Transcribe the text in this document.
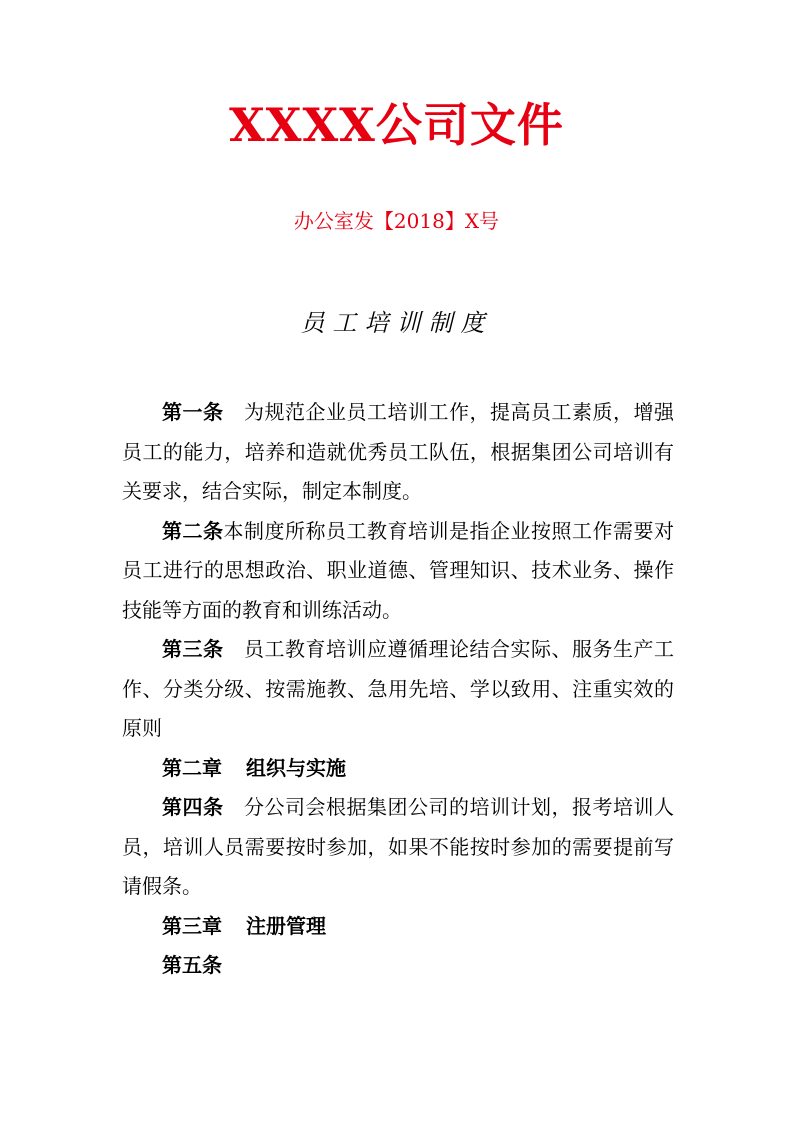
XXXX公司文件
办公室发【2018】X号
员工培训制度

第一条 为规范企业员工培训工作，提高员工素质，增强员工的能力，培养和造就优秀员工队伍，根据集团公司培训有关要求，结合实际，制定本制度。

第二条本制度所称员工教育培训是指企业按照工作需要对员工进行的思想政治、职业道德、管理知识、技术业务、操作技能等方面的教育和训练活动。

第三条 员工教育培训应遵循理论结合实际、服务生产工作、分类分级、按需施教、急用先培、学以致用、注重实效的原则

第二章 组织与实施

第四条 分公司会根据集团公司的培训计划，报考培训人员，培训人员需要按时参加，如果不能按时参加的需要提前写请假条。

第三章 注册管理

第五条
